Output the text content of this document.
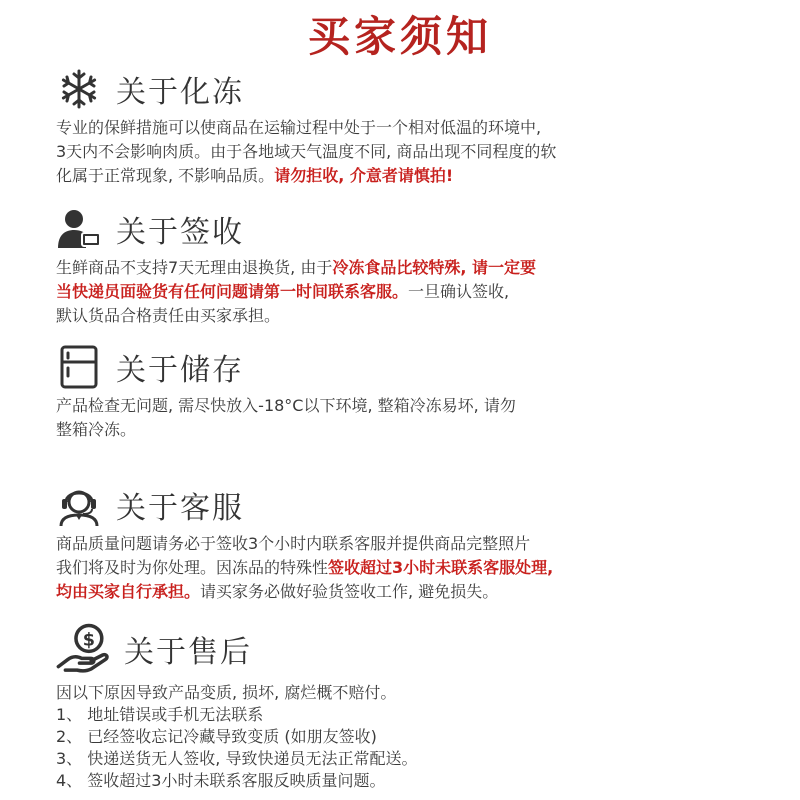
买家须知
关于化冻
专业的保鲜措施可以使商品在运输过程中处于一个相对低温的环境中,
3天内不会影响肉质。由于各地域天气温度不同, 商品出现不同程度的软
化属于正常现象, 不影响品质。请勿拒收, 介意者请慎拍!
关于签收
生鲜商品不支持7天无理由退换货, 由于冷冻食品比较特殊, 请一定要
当快递员面验货有任何问题请第一时间联系客服。一旦确认签收,
默认货品合格责任由买家承担。
关于储存
产品检查无问题, 需尽快放入-18°C以下环境, 整箱冷冻易坏, 请勿
整箱冷冻。
关于客服
商品质量问题请务必于签收3个小时内联系客服并提供商品完整照片
我们将及时为你处理。因冻品的特殊性签收超过3小时未联系客服处理,
均由买家自行承担。请买家务必做好验货签收工作, 避免损失。
$ 关于售后
因以下原因导致产品变质, 损坏, 腐烂概不赔付。
1、 地址错误或手机无法联系
2、 已经签收忘记冷藏导致变质 (如朋友签收)
3、 快递送货无人签收, 导致快递员无法正常配送。
4、 签收超过3小时未联系客服反映质量问题。
